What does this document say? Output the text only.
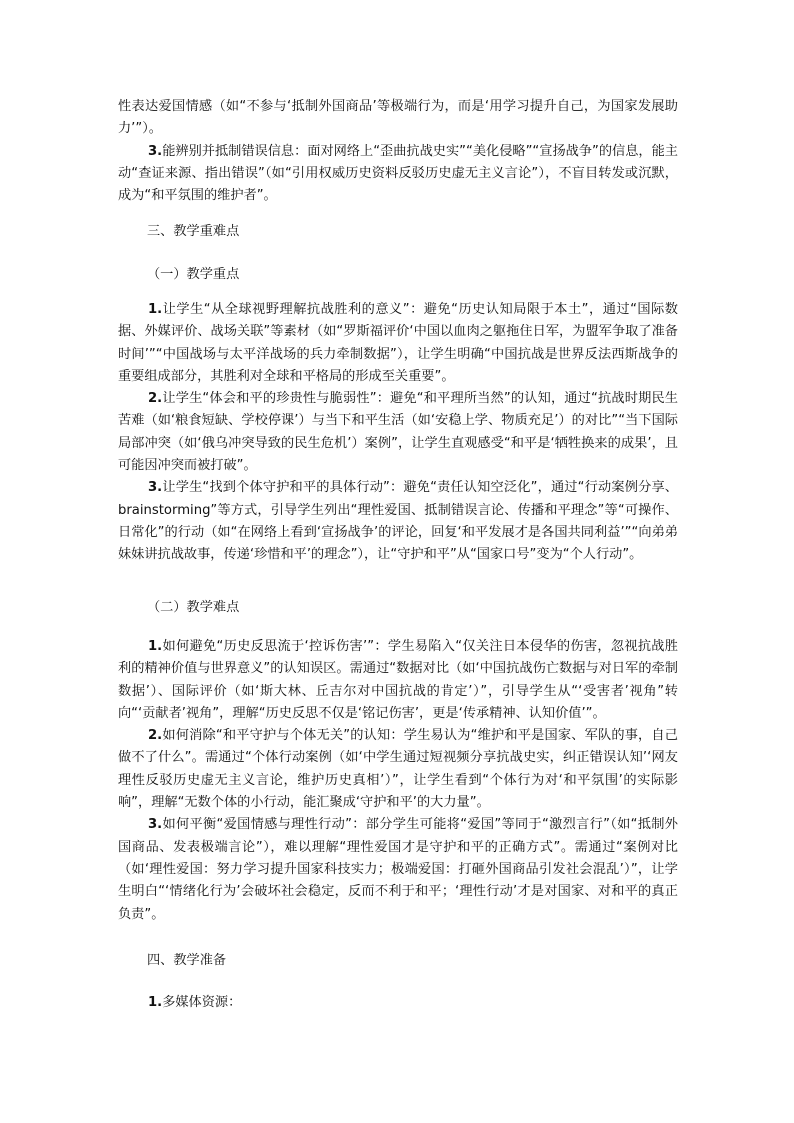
性表达爱国情感（如“不参与‘抵制外国商品’等极端行为，而是‘用学习提升自己，为国家发展助力’”）。

3.能辨别并抵制错误信息：面对网络上“歪曲抗战史实”“美化侵略”“宣扬战争”的信息，能主动“查证来源、指出错误”（如“引用权威历史资料反驳历史虚无主义言论”），不盲目转发或沉默，成为“和平氛围的维护者”。

三、教学重难点

（一）教学重点

1.让学生“从全球视野理解抗战胜利的意义”：避免“历史认知局限于本土”，通过“国际数据、外媒评价、战场关联”等素材（如“罗斯福评价‘中国以血肉之躯拖住日军，为盟军争取了准备时间’”“中国战场与太平洋战场的兵力牵制数据”），让学生明确“中国抗战是世界反法西斯战争的重要组成部分，其胜利对全球和平格局的形成至关重要”。

2.让学生“体会和平的珍贵性与脆弱性”：避免“和平理所当然”的认知，通过“抗战时期民生苦难（如‘粮食短缺、学校停课’）与当下和平生活（如‘安稳上学、物质充足’）的对比”“当下国际局部冲突（如‘俄乌冲突导致的民生危机’）案例”，让学生直观感受“和平是‘牺牲换来的成果’，且可能因冲突而被打破”。

3.让学生“找到个体守护和平的具体行动”：避免“责任认知空泛化”，通过“行动案例分享、 brainstorming”等方式，引导学生列出“理性爱国、抵制错误言论、传播和平理念”等“可操作、日常化”的行动（如“在网络上看到‘宣扬战争’的评论，回复‘和平发展才是各国共同利益’”“向弟弟妹妹讲抗战故事，传递‘珍惜和平’的理念”），让“守护和平”从“国家口号”变为“个人行动”。

（二）教学难点

1.如何避免“历史反思流于‘控诉伤害’”：学生易陷入“仅关注日本侵华的伤害，忽视抗战胜利的精神价值与世界意义”的认知误区。需通过“数据对比（如‘中国抗战伤亡数据与对日军的牵制数据’）、国际评价（如‘斯大林、丘吉尔对中国抗战的肯定’）”，引导学生从“‘受害者’视角”转向“‘贡献者’视角”，理解“历史反思不仅是‘铭记伤害’，更是‘传承精神、认知价值’”。

2.如何消除“和平守护与个体无关”的认知：学生易认为“维护和平是国家、军队的事，自己做不了什么”。需通过“个体行动案例（如‘中学生通过短视频分享抗战史实，纠正错误认知’‘网友理性反驳历史虚无主义言论，维护历史真相’）”，让学生看到“个体行为对‘和平氛围’的实际影响”，理解“无数个体的小行动，能汇聚成‘守护和平’的大力量”。

3.如何平衡“爱国情感与理性行动”：部分学生可能将“爱国”等同于“激烈言行”（如“抵制外国商品、发表极端言论”），难以理解“理性爱国才是守护和平的正确方式”。需通过“案例对比（如‘理性爱国：努力学习提升国家科技实力；极端爱国：打砸外国商品引发社会混乱’）”，让学生明白“‘情绪化行为’会破坏社会稳定，反而不利于和平；‘理性行动’才是对国家、对和平的真正负责”。

四、教学准备

1.多媒体资源：
